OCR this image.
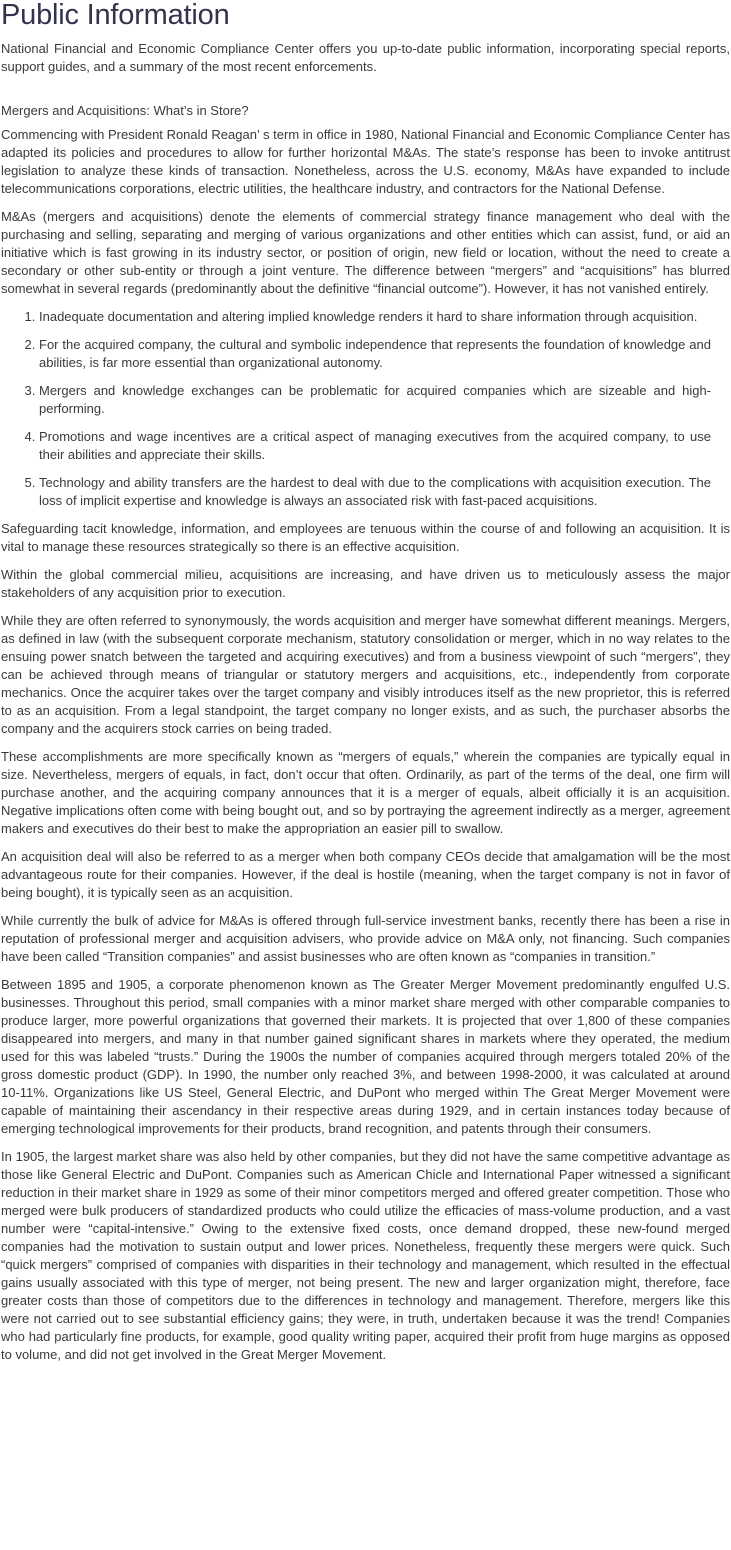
Public Information

National Financial and Economic Compliance Center offers you up-to-date public information, incorporating special reports, support guides, and a summary of the most recent enforcements.

Mergers and Acquisitions: What’s in Store?

Commencing with President Ronald Reagan’ s term in office in 1980, National Financial and Economic Compliance Center has adapted its policies and procedures to allow for further horizontal M&As. The state’s response has been to invoke antitrust legislation to analyze these kinds of transaction. Nonetheless, across the U.S. economy, M&As have expanded to include telecommunications corporations, electric utilities, the healthcare industry, and contractors for the National Defense.

M&As (mergers and acquisitions) denote the elements of commercial strategy finance management who deal with the purchasing and selling, separating and merging of various organizations and other entities which can assist, fund, or aid an initiative which is fast growing in its industry sector, or position of origin, new field or location, without the need to create a secondary or other sub-entity or through a joint venture. The difference between “mergers” and “acquisitions” has blurred somewhat in several regards (predominantly about the definitive “financial outcome”). However, it has not vanished entirely.

1. Inadequate documentation and altering implied knowledge renders it hard to share information through acquisition.
2. For the acquired company, the cultural and symbolic independence that represents the foundation of knowledge and abilities, is far more essential than organizational autonomy.
3. Mergers and knowledge exchanges can be problematic for acquired companies which are sizeable and high-performing.
4. Promotions and wage incentives are a critical aspect of managing executives from the acquired company, to use their abilities and appreciate their skills.
5. Technology and ability transfers are the hardest to deal with due to the complications with acquisition execution. The loss of implicit expertise and knowledge is always an associated risk with fast-paced acquisitions.

Safeguarding tacit knowledge, information, and employees are tenuous within the course of and following an acquisition. It is vital to manage these resources strategically so there is an effective acquisition.

Within the global commercial milieu, acquisitions are increasing, and have driven us to meticulously assess the major stakeholders of any acquisition prior to execution.

While they are often referred to synonymously, the words acquisition and merger have somewhat different meanings. Mergers, as defined in law (with the subsequent corporate mechanism, statutory consolidation or merger, which in no way relates to the ensuing power snatch between the targeted and acquiring executives) and from a business viewpoint of such “mergers”, they can be achieved through means of triangular or statutory mergers and acquisitions, etc., independently from corporate mechanics. Once the acquirer takes over the target company and visibly introduces itself as the new proprietor, this is referred to as an acquisition. From a legal standpoint, the target company no longer exists, and as such, the purchaser absorbs the company and the acquirers stock carries on being traded.

These accomplishments are more specifically known as “mergers of equals,” wherein the companies are typically equal in size. Nevertheless, mergers of equals, in fact, don’t occur that often. Ordinarily, as part of the terms of the deal, one firm will purchase another, and the acquiring company announces that it is a merger of equals, albeit officially it is an acquisition. Negative implications often come with being bought out, and so by portraying the agreement indirectly as a merger, agreement makers and executives do their best to make the appropriation an easier pill to swallow.

An acquisition deal will also be referred to as a merger when both company CEOs decide that amalgamation will be the most advantageous route for their companies. However, if the deal is hostile (meaning, when the target company is not in favor of being bought), it is typically seen as an acquisition.

While currently the bulk of advice for M&As is offered through full-service investment banks, recently there has been a rise in reputation of professional merger and acquisition advisers, who provide advice on M&A only, not financing. Such companies have been called “Transition companies” and assist businesses who are often known as “companies in transition.”

Between 1895 and 1905, a corporate phenomenon known as The Greater Merger Movement predominantly engulfed U.S. businesses. Throughout this period, small companies with a minor market share merged with other comparable companies to produce larger, more powerful organizations that governed their markets. It is projected that over 1,800 of these companies disappeared into mergers, and many in that number gained significant shares in markets where they operated, the medium used for this was labeled “trusts.” During the 1900s the number of companies acquired through mergers totaled 20% of the gross domestic product (GDP). In 1990, the number only reached 3%, and between 1998-2000, it was calculated at around 10-11%. Organizations like US Steel, General Electric, and DuPont who merged within The Great Merger Movement were capable of maintaining their ascendancy in their respective areas during 1929, and in certain instances today because of emerging technological improvements for their products, brand recognition, and patents through their consumers.

In 1905, the largest market share was also held by other companies, but they did not have the same competitive advantage as those like General Electric and DuPont. Companies such as American Chicle and International Paper witnessed a significant reduction in their market share in 1929 as some of their minor competitors merged and offered greater competition. Those who merged were bulk producers of standardized products who could utilize the efficacies of mass-volume production, and a vast number were “capital-intensive.” Owing to the extensive fixed costs, once demand dropped, these new-found merged companies had the motivation to sustain output and lower prices. Nonetheless, frequently these mergers were quick. Such “quick mergers” comprised of companies with disparities in their technology and management, which resulted in the effectual gains usually associated with this type of merger, not being present. The new and larger organization might, therefore, face greater costs than those of competitors due to the differences in technology and management. Therefore, mergers like this were not carried out to see substantial efficiency gains; they were, in truth, undertaken because it was the trend! Companies who had particularly fine products, for example, good quality writing paper, acquired their profit from huge margins as opposed to volume, and did not get involved in the Great Merger Movement.
